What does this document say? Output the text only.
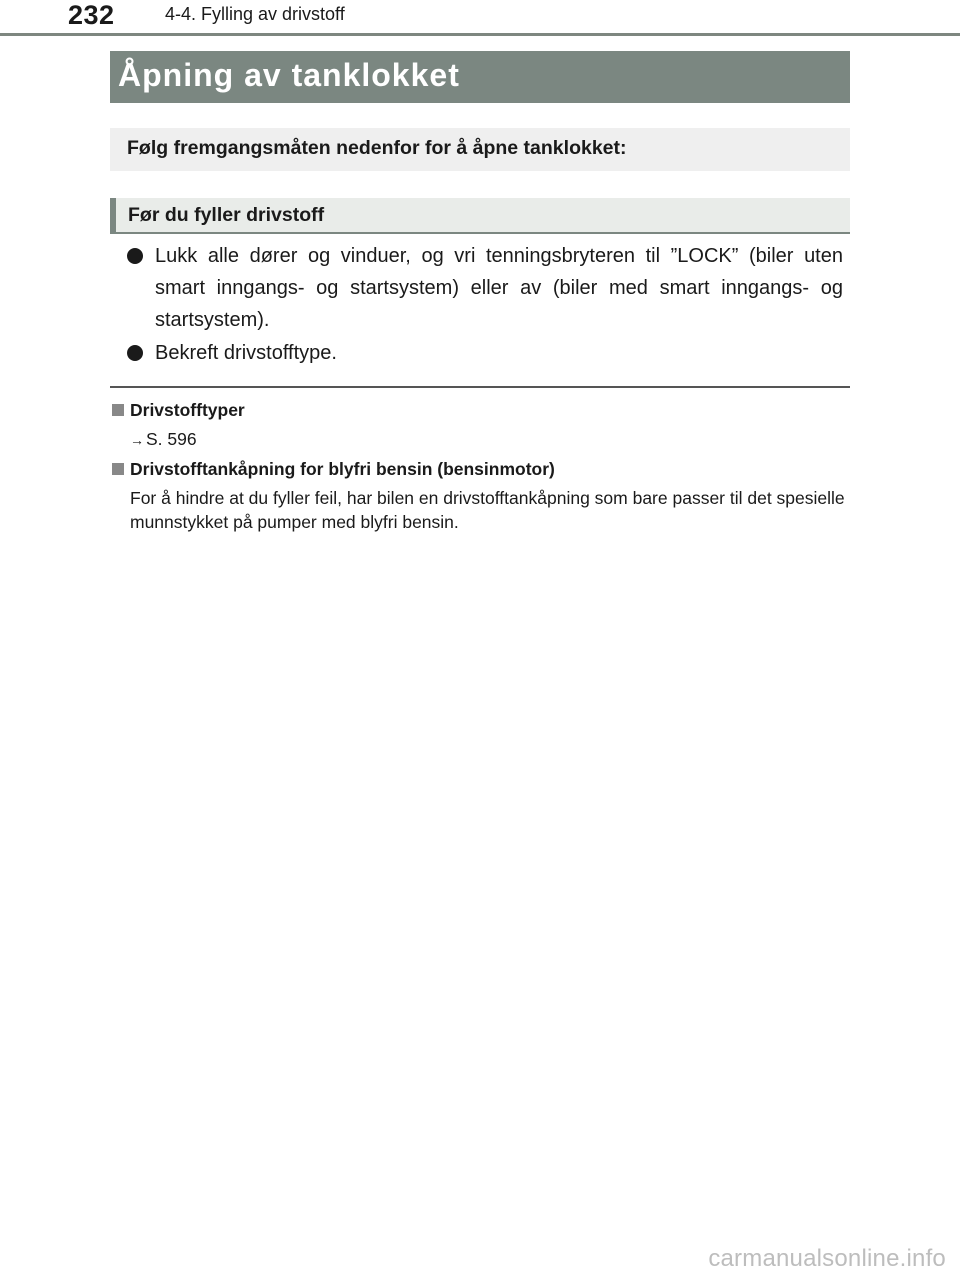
232	4-4. Fylling av drivstoff
Åpning av tanklokket
Følg fremgangsmåten nedenfor for å åpne tanklokket:
Før du fyller drivstoff
Lukk alle dører og vinduer, og vri tenningsbryteren til ”LOCK” (biler uten smart inngangs- og startsystem) eller av (biler med smart inngangs- og startsystem).
Bekreft drivstofftype.
Drivstofftyper
→ S. 596
Drivstofftankåpning for blyfri bensin (bensinmotor)
For å hindre at du fyller feil, har bilen en drivstofftankåpning som bare passer til det spesielle munnstykket på pumper med blyfri bensin.
carmanualsonline.info
